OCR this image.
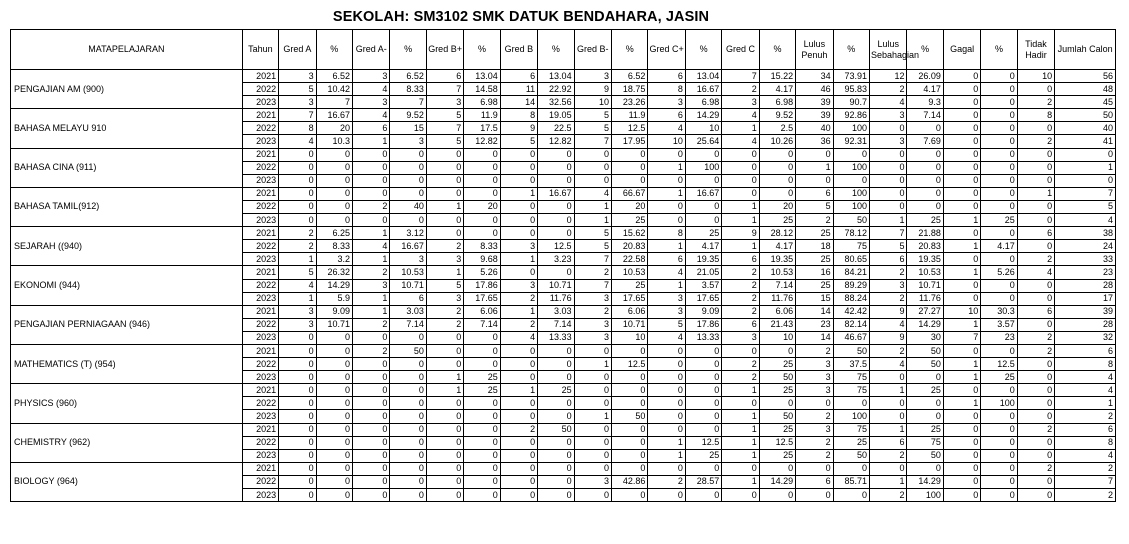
SEKOLAH: SM3102 SMK DATUK BENDAHARA, JASIN
MATAPELAJARAN	Tahun	Gred A	%	Gred A-	%	Gred B+	%	Gred B	%	Gred B-	%	Gred C+	%	Gred C	%	Lulus Penuh	%	Lulus Sebahagian	%	Gagal	%	Tidak Hadir	Jumlah Calon
PENGAJIAN AM (900)	2021	3	6.52	3	6.52	6	13.04	6	13.04	3	6.52	6	13.04	7	15.22	34	73.91	12	26.09	0	0	10	56
	2022	5	10.42	4	8.33	7	14.58	11	22.92	9	18.75	8	16.67	2	4.17	46	95.83	2	4.17	0	0	0	48
	2023	3	7	3	7	3	6.98	14	32.56	10	23.26	3	6.98	3	6.98	39	90.7	4	9.3	0	0	2	45
BAHASA MELAYU 910	2021	7	16.67	4	9.52	5	11.9	8	19.05	5	11.9	6	14.29	4	9.52	39	92.86	3	7.14	0	0	8	50
	2022	8	20	6	15	7	17.5	9	22.5	5	12.5	4	10	1	2.5	40	100	0	0	0	0	0	40
	2023	4	10.3	1	3	5	12.82	5	12.82	7	17.95	10	25.64	4	10.26	36	92.31	3	7.69	0	0	2	41
BAHASA CINA (911)	2021	0	0	0	0	0	0	0	0	0	0	0	0	0	0	0	0	0	0	0	0	0	0
	2022	0	0	0	0	0	0	0	0	0	0	1	100	0	0	1	100	0	0	0	0	0	1
	2023	0	0	0	0	0	0	0	0	0	0	0	0	0	0	0	0	0	0	0	0	0	0
BAHASA TAMIL(912)	2021	0	0	0	0	0	0	1	16.67	4	66.67	1	16.67	0	0	6	100	0	0	0	0	1	7
	2022	0	0	2	40	1	20	0	0	1	20	0	0	1	20	5	100	0	0	0	0	0	5
	2023	0	0	0	0	0	0	0	0	1	25	0	0	1	25	2	50	1	25	1	25	0	4
SEJARAH ((940)	2021	2	6.25	1	3.12	0	0	0	0	5	15.62	8	25	9	28.12	25	78.12	7	21.88	0	0	6	38
	2022	2	8.33	4	16.67	2	8.33	3	12.5	5	20.83	1	4.17	1	4.17	18	75	5	20.83	1	4.17	0	24
	2023	1	3.2	1	3	3	9.68	1	3.23	7	22.58	6	19.35	6	19.35	25	80.65	6	19.35	0	0	2	33
EKONOMI (944)	2021	5	26.32	2	10.53	1	5.26	0	0	2	10.53	4	21.05	2	10.53	16	84.21	2	10.53	1	5.26	4	23
	2022	4	14.29	3	10.71	5	17.86	3	10.71	7	25	1	3.57	2	7.14	25	89.29	3	10.71	0	0	0	28
	2023	1	5.9	1	6	3	17.65	2	11.76	3	17.65	3	17.65	2	11.76	15	88.24	2	11.76	0	0	0	17
PENGAJIAN PERNIAGAAN (946)	2021	3	9.09	1	3.03	2	6.06	1	3.03	2	6.06	3	9.09	2	6.06	14	42.42	9	27.27	10	30.3	6	39
	2022	3	10.71	2	7.14	2	7.14	2	7.14	3	10.71	5	17.86	6	21.43	23	82.14	4	14.29	1	3.57	0	28
	2023	0	0	0	0	0	0	4	13.33	3	10	4	13.33	3	10	14	46.67	9	30	7	23	2	32
MATHEMATICS (T) (954)	2021	0	0	2	50	0	0	0	0	0	0	0	0	0	0	2	50	2	50	0	0	2	6
	2022	0	0	0	0	0	0	0	0	1	12.5	0	0	2	25	3	37.5	4	50	1	12.5	0	8
	2023	0	0	0	0	1	25	0	0	0	0	0	0	2	50	3	75	0	0	1	25	0	4
PHYSICS (960)	2021	0	0	0	0	1	25	1	25	0	0	0	0	1	25	3	75	1	25	0	0	0	4
	2022	0	0	0	0	0	0	0	0	0	0	0	0	0	0	0	0	0	0	1	100	0	1
	2023	0	0	0	0	0	0	0	0	1	50	0	0	1	50	2	100	0	0	0	0	0	2
CHEMISTRY (962)	2021	0	0	0	0	0	0	2	50	0	0	0	0	1	25	3	75	1	25	0	0	2	6
	2022	0	0	0	0	0	0	0	0	0	0	1	12.5	1	12.5	2	25	6	75	0	0	0	8
	2023	0	0	0	0	0	0	0	0	0	0	1	25	1	25	2	50	2	50	0	0	0	4
BIOLOGY (964)	2021	0	0	0	0	0	0	0	0	0	0	0	0	0	0	0	0	0	0	0	0	2	2
	2022	0	0	0	0	0	0	0	0	3	42.86	2	28.57	1	14.29	6	85.71	1	14.29	0	0	0	7
	2023	0	0	0	0	0	0	0	0	0	0	0	0	0	0	0	0	2	100	0	0	0	2
